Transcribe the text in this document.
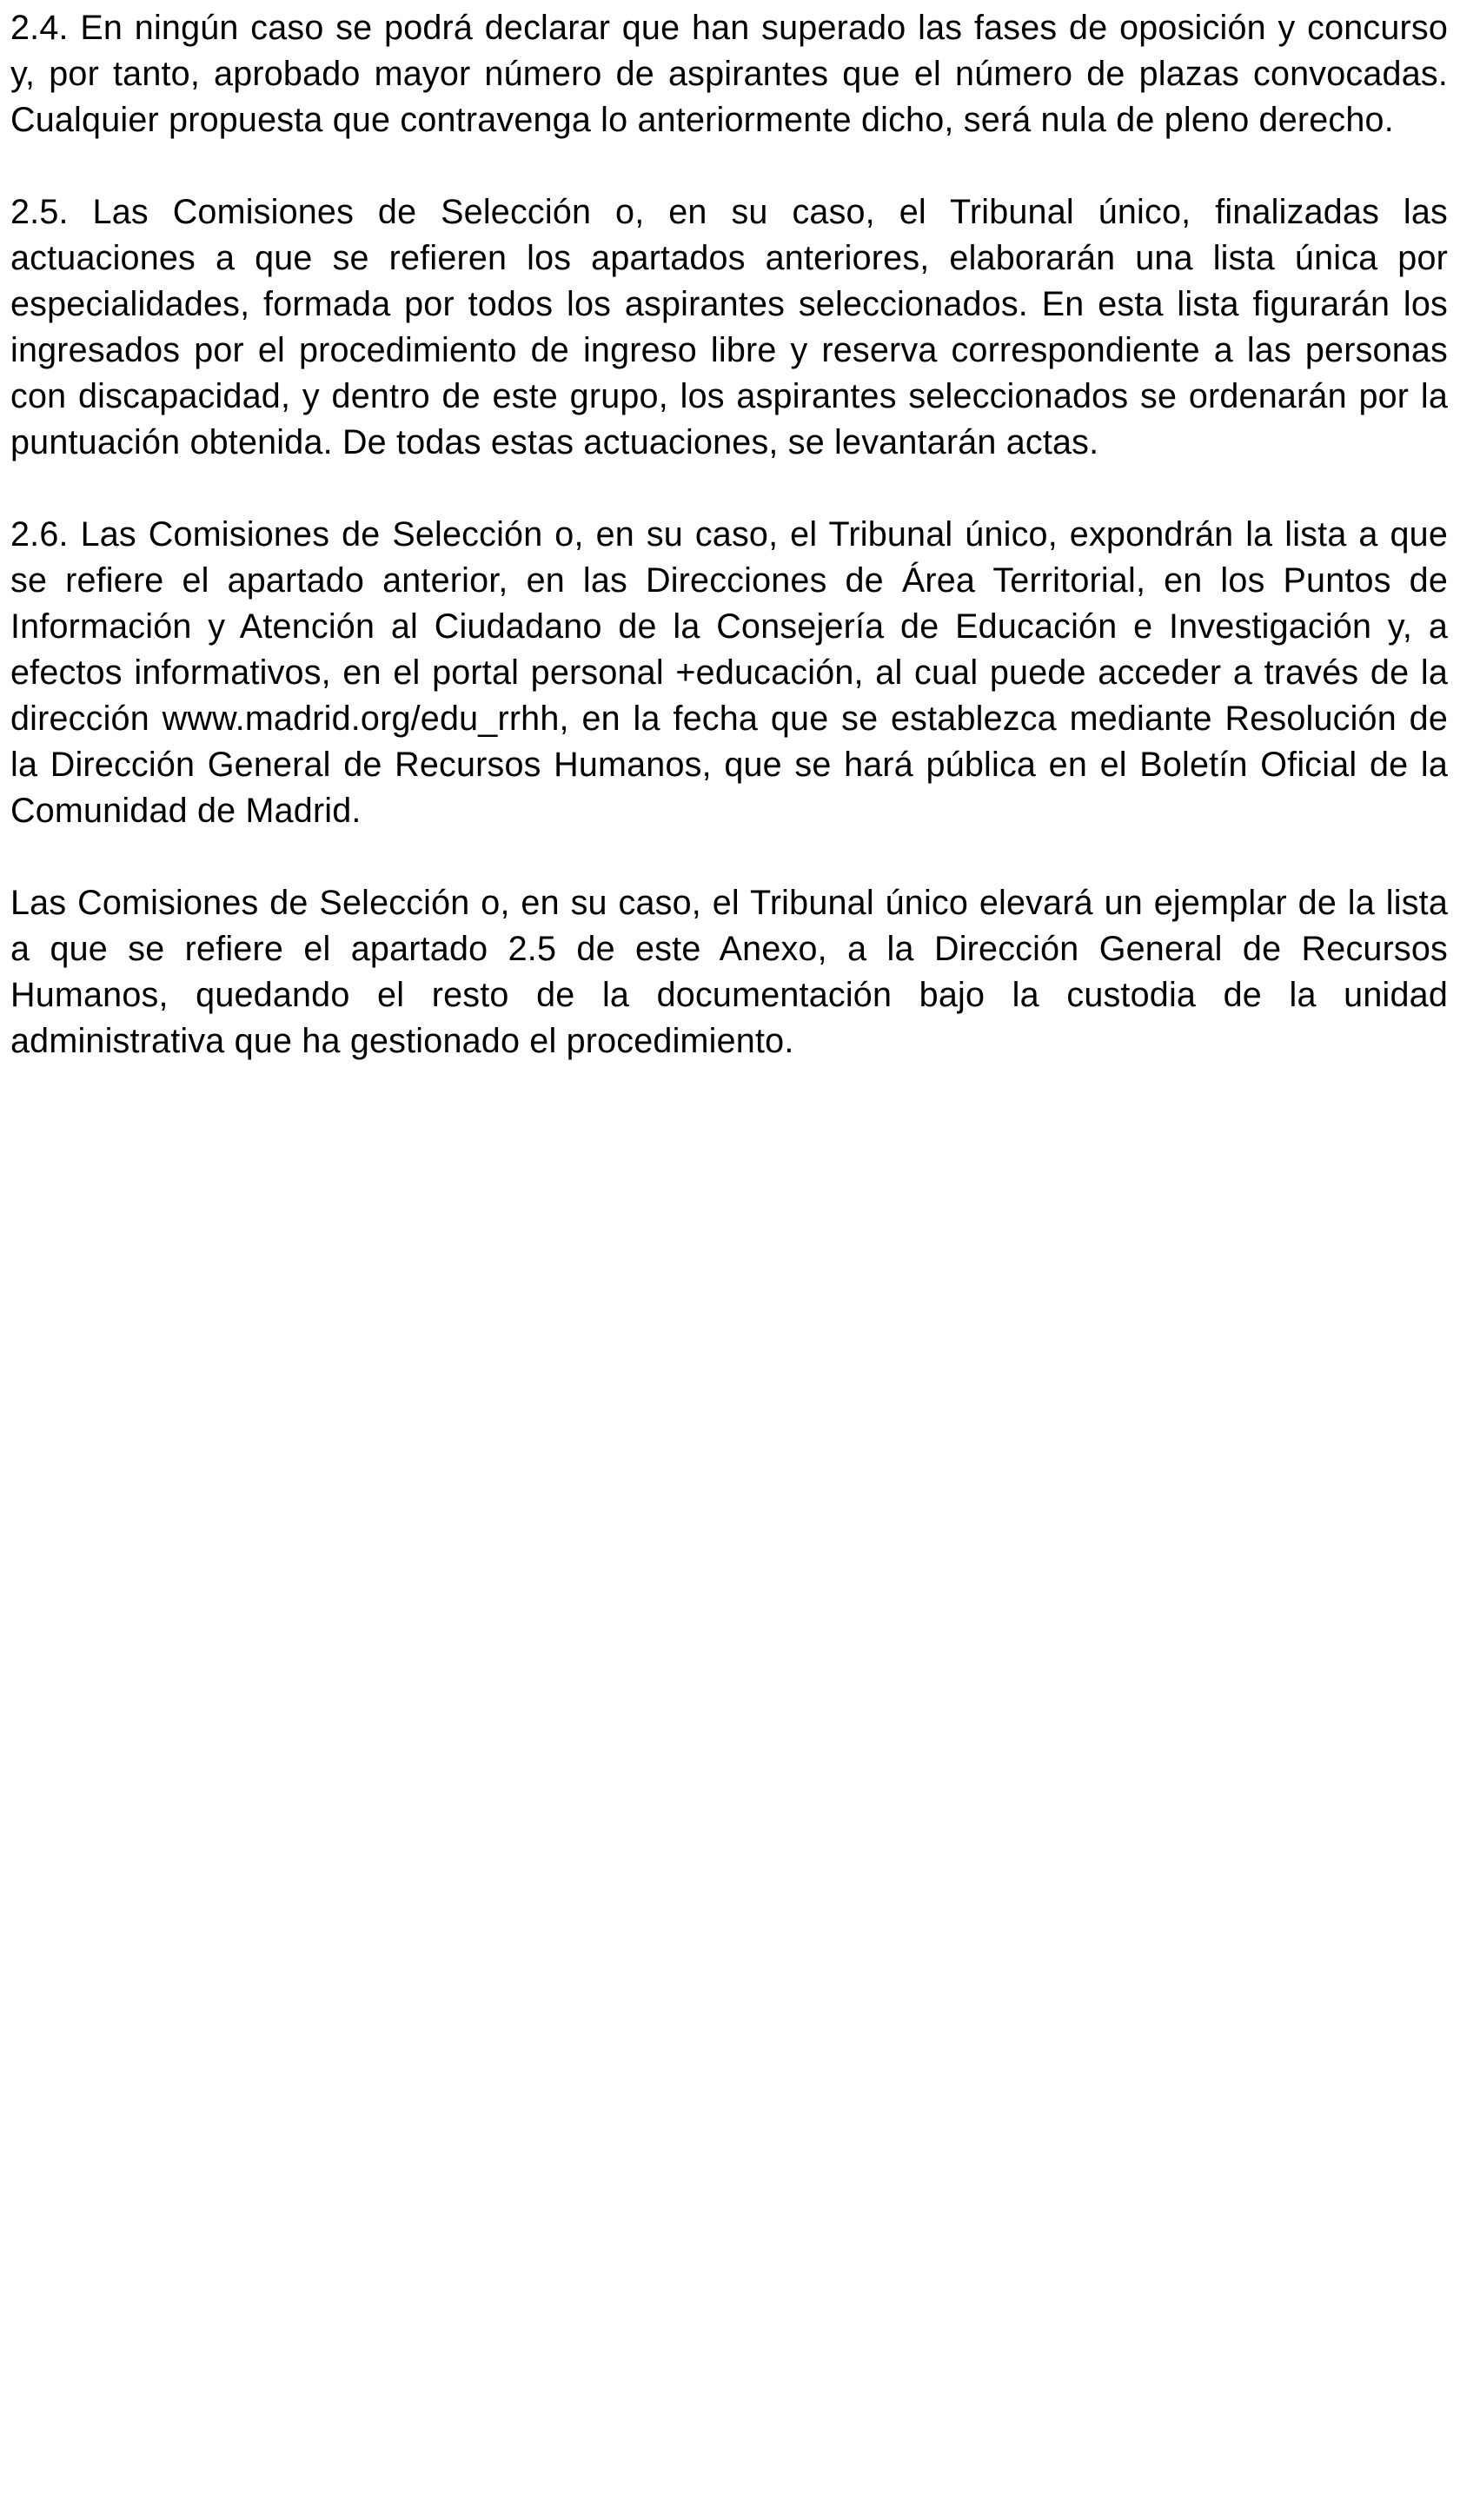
2.4. En ningún caso se podrá declarar que han superado las fases de oposición y concurso y, por tanto, aprobado mayor número de aspirantes que el número de plazas convocadas. Cualquier propuesta que contravenga lo anteriormente dicho, será nula de pleno derecho.

2.5. Las Comisiones de Selección o, en su caso, el Tribunal único, finalizadas las actuaciones a que se refieren los apartados anteriores, elaborarán una lista única por especialidades, formada por todos los aspirantes seleccionados. En esta lista figurarán los ingresados por el procedimiento de ingreso libre y reserva correspondiente a las personas con discapacidad, y dentro de este grupo, los aspirantes seleccionados se ordenarán por la puntuación obtenida. De todas estas actuaciones, se levantarán actas.

2.6. Las Comisiones de Selección o, en su caso, el Tribunal único, expondrán la lista a que se refiere el apartado anterior, en las Direcciones de Área Territorial, en los Puntos de Información y Atención al Ciudadano de la Consejería de Educación e Investigación y, a efectos informativos, en el portal personal +educación, al cual puede acceder a través de la dirección www.madrid.org/edu_rrhh, en la fecha que se establezca mediante Resolución de la Dirección General de Recursos Humanos, que se hará pública en el Boletín Oficial de la Comunidad de Madrid.

Las Comisiones de Selección o, en su caso, el Tribunal único elevará un ejemplar de la lista a que se refiere el apartado 2.5 de este Anexo, a la Dirección General de Recursos Humanos, quedando el resto de la documentación bajo la custodia de la unidad administrativa que ha gestionado el procedimiento.
